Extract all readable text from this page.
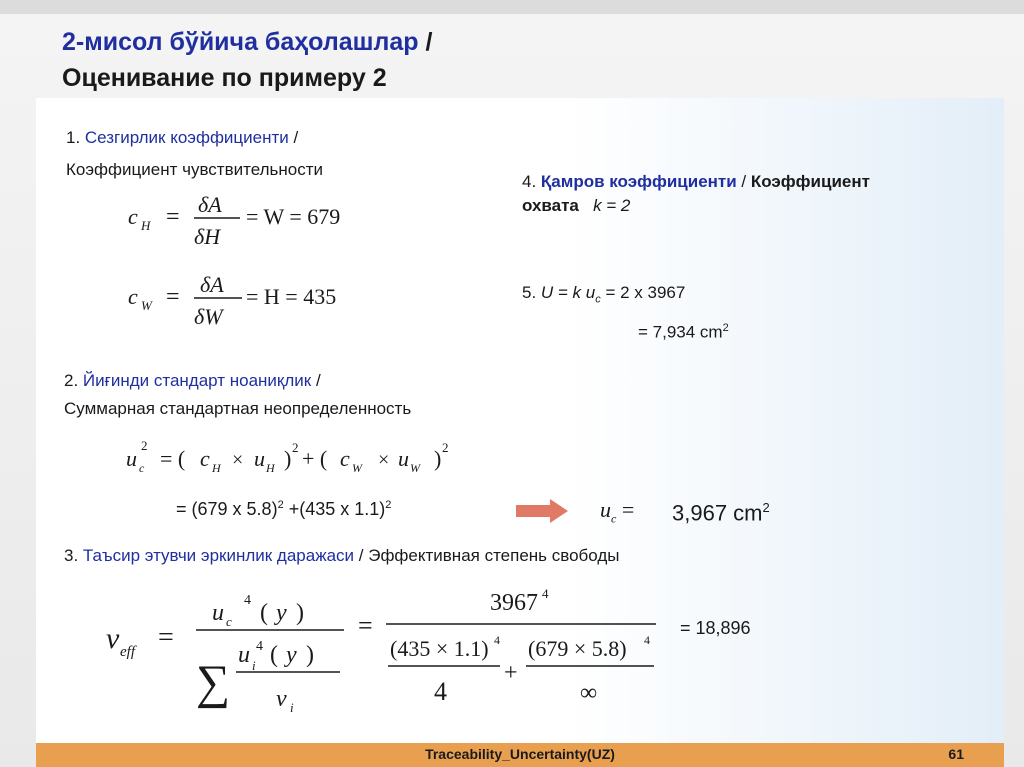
2-мисол бўйича баҳолашлар /
Оценивание по примеру 2
1. Сезгирлик коэффициенти /
Коэффициент чувствительности
c H = δA
δH
= W = 679
c W = δA
δW
= H = 435
4. Қамров коэффициенти / Коэффициент
охвата k = 2
5. U = k $u_c = 2$ x 3967
= 7,934 $cm^2$
2. Йиғинди стандарт ноаниқлик /
Суммарная стандартная неопределенность
u c
2
= ( c H × u H ) 2 + ( c W × u W ) 2
= (679 x 5.8)$^2$ +(435 x 1.1)$^2$	$u_c = 3,967$ $cm^2$
3. Таъсир этувчи эркинлик даражаси / Эффективная степень свободы
ν eff =
u c
4 ( y )
∑
u i
4 ( y )
ν i
=
3967 4
(435 × 1.1) 4
4
+
(679 × 5.8) 4
∞
= 18,896
Traceability_Uncertainty(UZ)	61
